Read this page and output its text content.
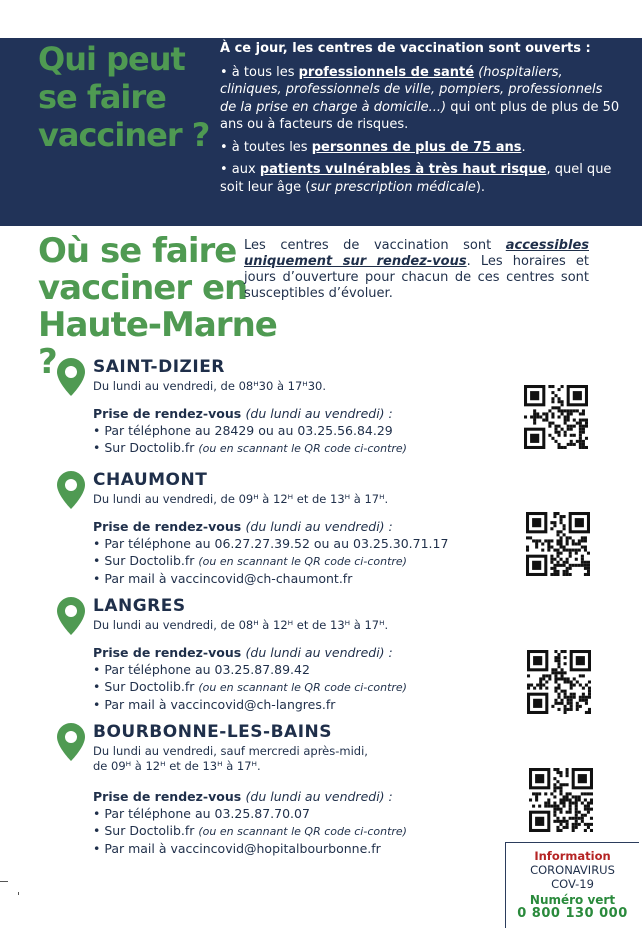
Qui peut
se faire
vacciner ?

À ce jour, les centres de vaccination sont ouverts :

• à tous les professionnels de santé (hospitaliers, cliniques, professionnels de ville, pompiers, professionnels de la prise en charge à domicile...) qui ont plus de plus de 50 ans ou à facteurs de risques.

• à toutes les personnes de plus de 75 ans.

• aux patients vulnérables à très haut risque, quel que soit leur âge (sur prescription médicale).

Où se faire
vacciner en
Haute-Marne ?
Les centres de vaccination sont accessibles uniquement sur rendez-vous. Les horaires et jours d’ouverture pour chacun de ces centres sont susceptibles d’évoluer.
SAINT-DIZIER
Du lundi au vendredi, de 08ᴴ30 à 17ᴴ30.
Prise de rendez-vous (du lundi au vendredi) :
• Par téléphone au 28429 ou au 03.25.56.84.29
• Sur Doctolib.fr (ou en scannant le QR code ci-contre)
CHAUMONT
Du lundi au vendredi, de 09ᴴ à 12ᴴ et de 13ᴴ à 17ᴴ.
Prise de rendez-vous (du lundi au vendredi) :
• Par téléphone au 06.27.27.39.52 ou au 03.25.30.71.17
• Sur Doctolib.fr (ou en scannant le QR code ci-contre)
• Par mail à vaccincovid@ch-chaumont.fr
LANGRES
Du lundi au vendredi, de 08ᴴ à 12ᴴ et de 13ᴴ à 17ᴴ.
Prise de rendez-vous (du lundi au vendredi) :
• Par téléphone au 03.25.87.89.42
• Sur Doctolib.fr (ou en scannant le QR code ci-contre)
• Par mail à vaccincovid@ch-langres.fr
BOURBONNE-LES-BAINS
Du lundi au vendredi, sauf mercredi après-midi,
de 09ᴴ à 12ᴴ et de 13ᴴ à 17ᴴ.
Prise de rendez-vous (du lundi au vendredi) :
• Par téléphone au 03.25.87.70.07
• Sur Doctolib.fr (ou en scannant le QR code ci-contre)
• Par mail à vaccincovid@hopitalbourbonne.fr	Information
CORONAVIRUS
COV-19
Numéro vert
0 800 130 000
